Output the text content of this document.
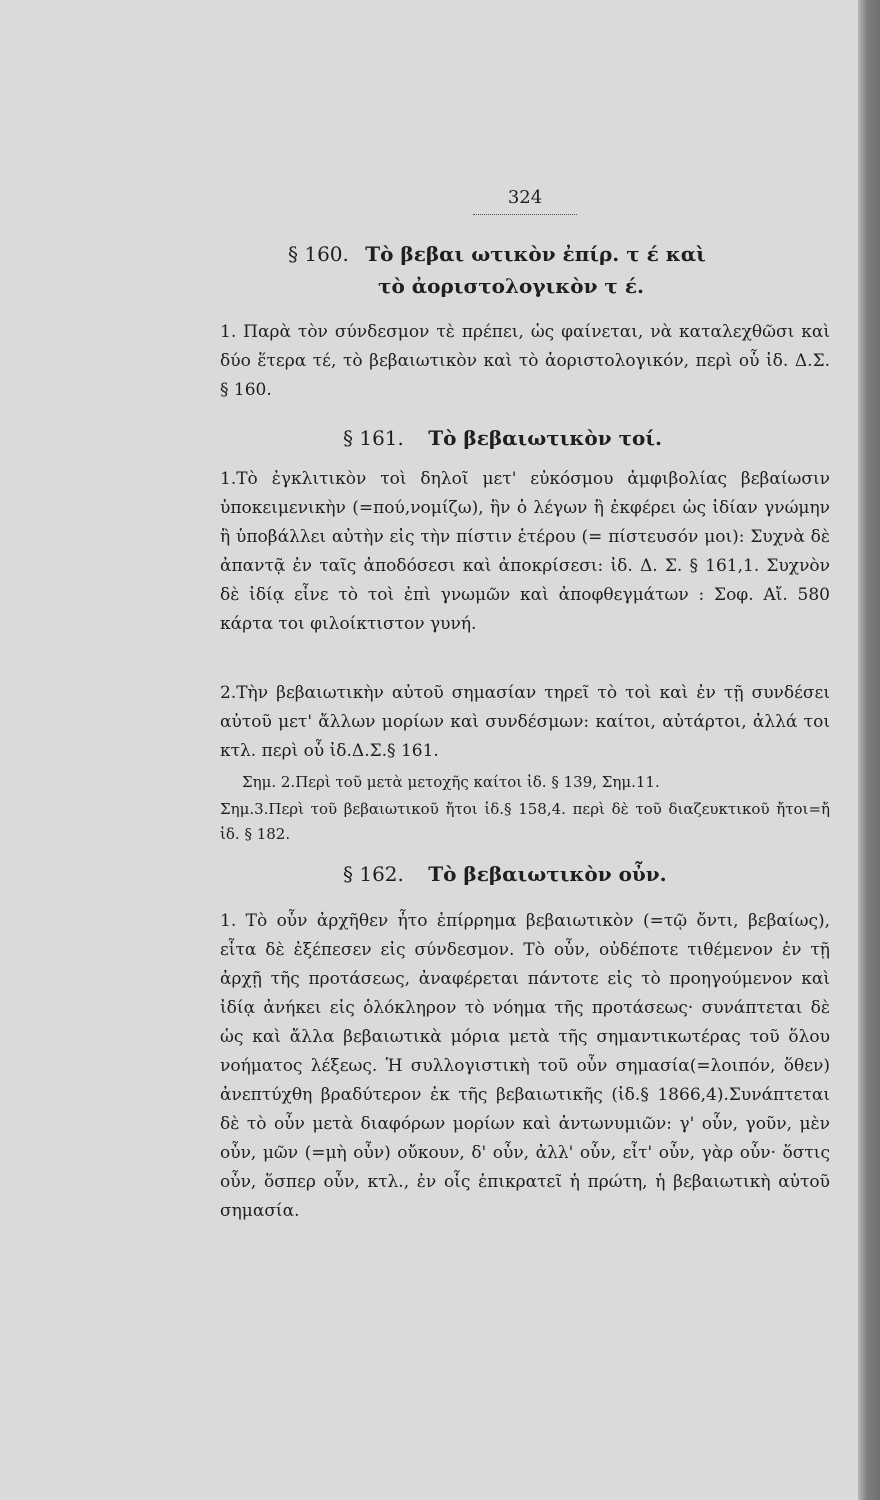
324
§ 160. Τὸ βεβαι ωτικὸν ἐπίρ. τ έ καὶ
τὸ ἀοριστολογικὸν τ έ.
1. Παρὰ τὸν σύνδεσμον τὲ πρέπει, ὡς φαίνεται, νὰ καταλεχθῶσι καὶ δύο ἕτερα τέ, τὸ βεβαιωτικὸν καὶ τὸ ἀοριστολογικόν, περὶ οὗ ἰδ. Δ.Σ. § 160.
§ 161. Τὸ βεβαιωτικὸν τοί.
1.Τὸ ἐγκλιτικὸν τοὶ δηλοῖ μετ' εὐκόσμου ἀμφιβολίας βεβαίωσιν ὑποκειμενικὴν (=πού,νομίζω), ἣν ὁ λέγων ἢ ἐκφέρει ὡς ἰδίαν γνώμην ἢ ὑποβάλλει αὐτὴν εἰς τὴν πίστιν ἑτέρου (= πίστευσόν μοι): Συχνὰ δὲ ἀπαντᾷ ἐν ταῖς ἀποδόσεσι καὶ ἀποκρίσεσι: ἰδ. Δ. Σ. § 161,1. Συχνὸν δὲ ἰδίᾳ εἶνε τὸ τοὶ ἐπὶ γνωμῶν καὶ ἀποφθεγμάτων : Σοφ. Αἴ. 580 κάρτα τοι φιλοίκτιστον γυνή.
2.Τὴν βεβαιωτικὴν αὐτοῦ σημασίαν τηρεῖ τὸ τοὶ καὶ ἐν τῇ συνδέσει αὐτοῦ μετ' ἄλλων μορίων καὶ συνδέσμων: καίτοι, αὐτάρτοι, ἀλλά τοι κτλ. περὶ οὗ ἰδ.Δ.Σ.§ 161.
Σημ. 2.Περὶ τοῦ μετὰ μετοχῆς καίτοι ἰδ. § 139, Σημ.11.
Σημ.3.Περὶ τοῦ βεβαιωτικοῦ ἤτοι ἰδ.§ 158,4. περὶ δὲ τοῦ διαζευκτικοῦ ἤτοι=ἤ ἰδ. § 182.
§ 162. Τὸ βεβαιωτικὸν οὖν.
1. Τὸ οὖν ἀρχῆθεν ἦτο ἐπίρρημα βεβαιωτικὸν (=τῷ ὄντι, βεβαίως), εἶτα δὲ ἐξέπεσεν εἰς σύνδεσμον. Τὸ οὖν, οὐδέποτε τιθέμενον ἐν τῇ ἀρχῇ τῆς προτάσεως, ἀναφέρεται πάντοτε εἰς τὸ προηγούμενον καὶ ἰδίᾳ ἀνήκει εἰς ὁλόκληρον τὸ νόημα τῆς προτάσεως· συνάπτεται δὲ ὡς καὶ ἄλλα βεβαιωτικὰ μόρια μετὰ τῆς σημαντικωτέρας τοῦ ὅλου νοήματος λέξεως. Ἡ συλλογιστικὴ τοῦ οὖν σημασία(=λοιπόν, ὅθεν) ἀνεπτύχθη βραδύτερον ἐκ τῆς βεβαιωτικῆς (ἰδ.§ 1866,4).Συνάπτεται δὲ τὸ οὖν μετὰ διαφόρων μορίων καὶ ἀντωνυμιῶν: γ' οὖν, γοῦν, μὲν οὖν, μῶν (=μὴ οὖν) οὔκουν, δ' οὖν, ἀλλ' οὖν, εἶτ' οὖν, γὰρ οὖν· ὅστις οὖν, ὅσπερ οὖν, κτλ., ἐν οἷς ἐπικρατεῖ ἡ πρώτη, ἡ βεβαιωτικὴ αὐτοῦ σημασία.
